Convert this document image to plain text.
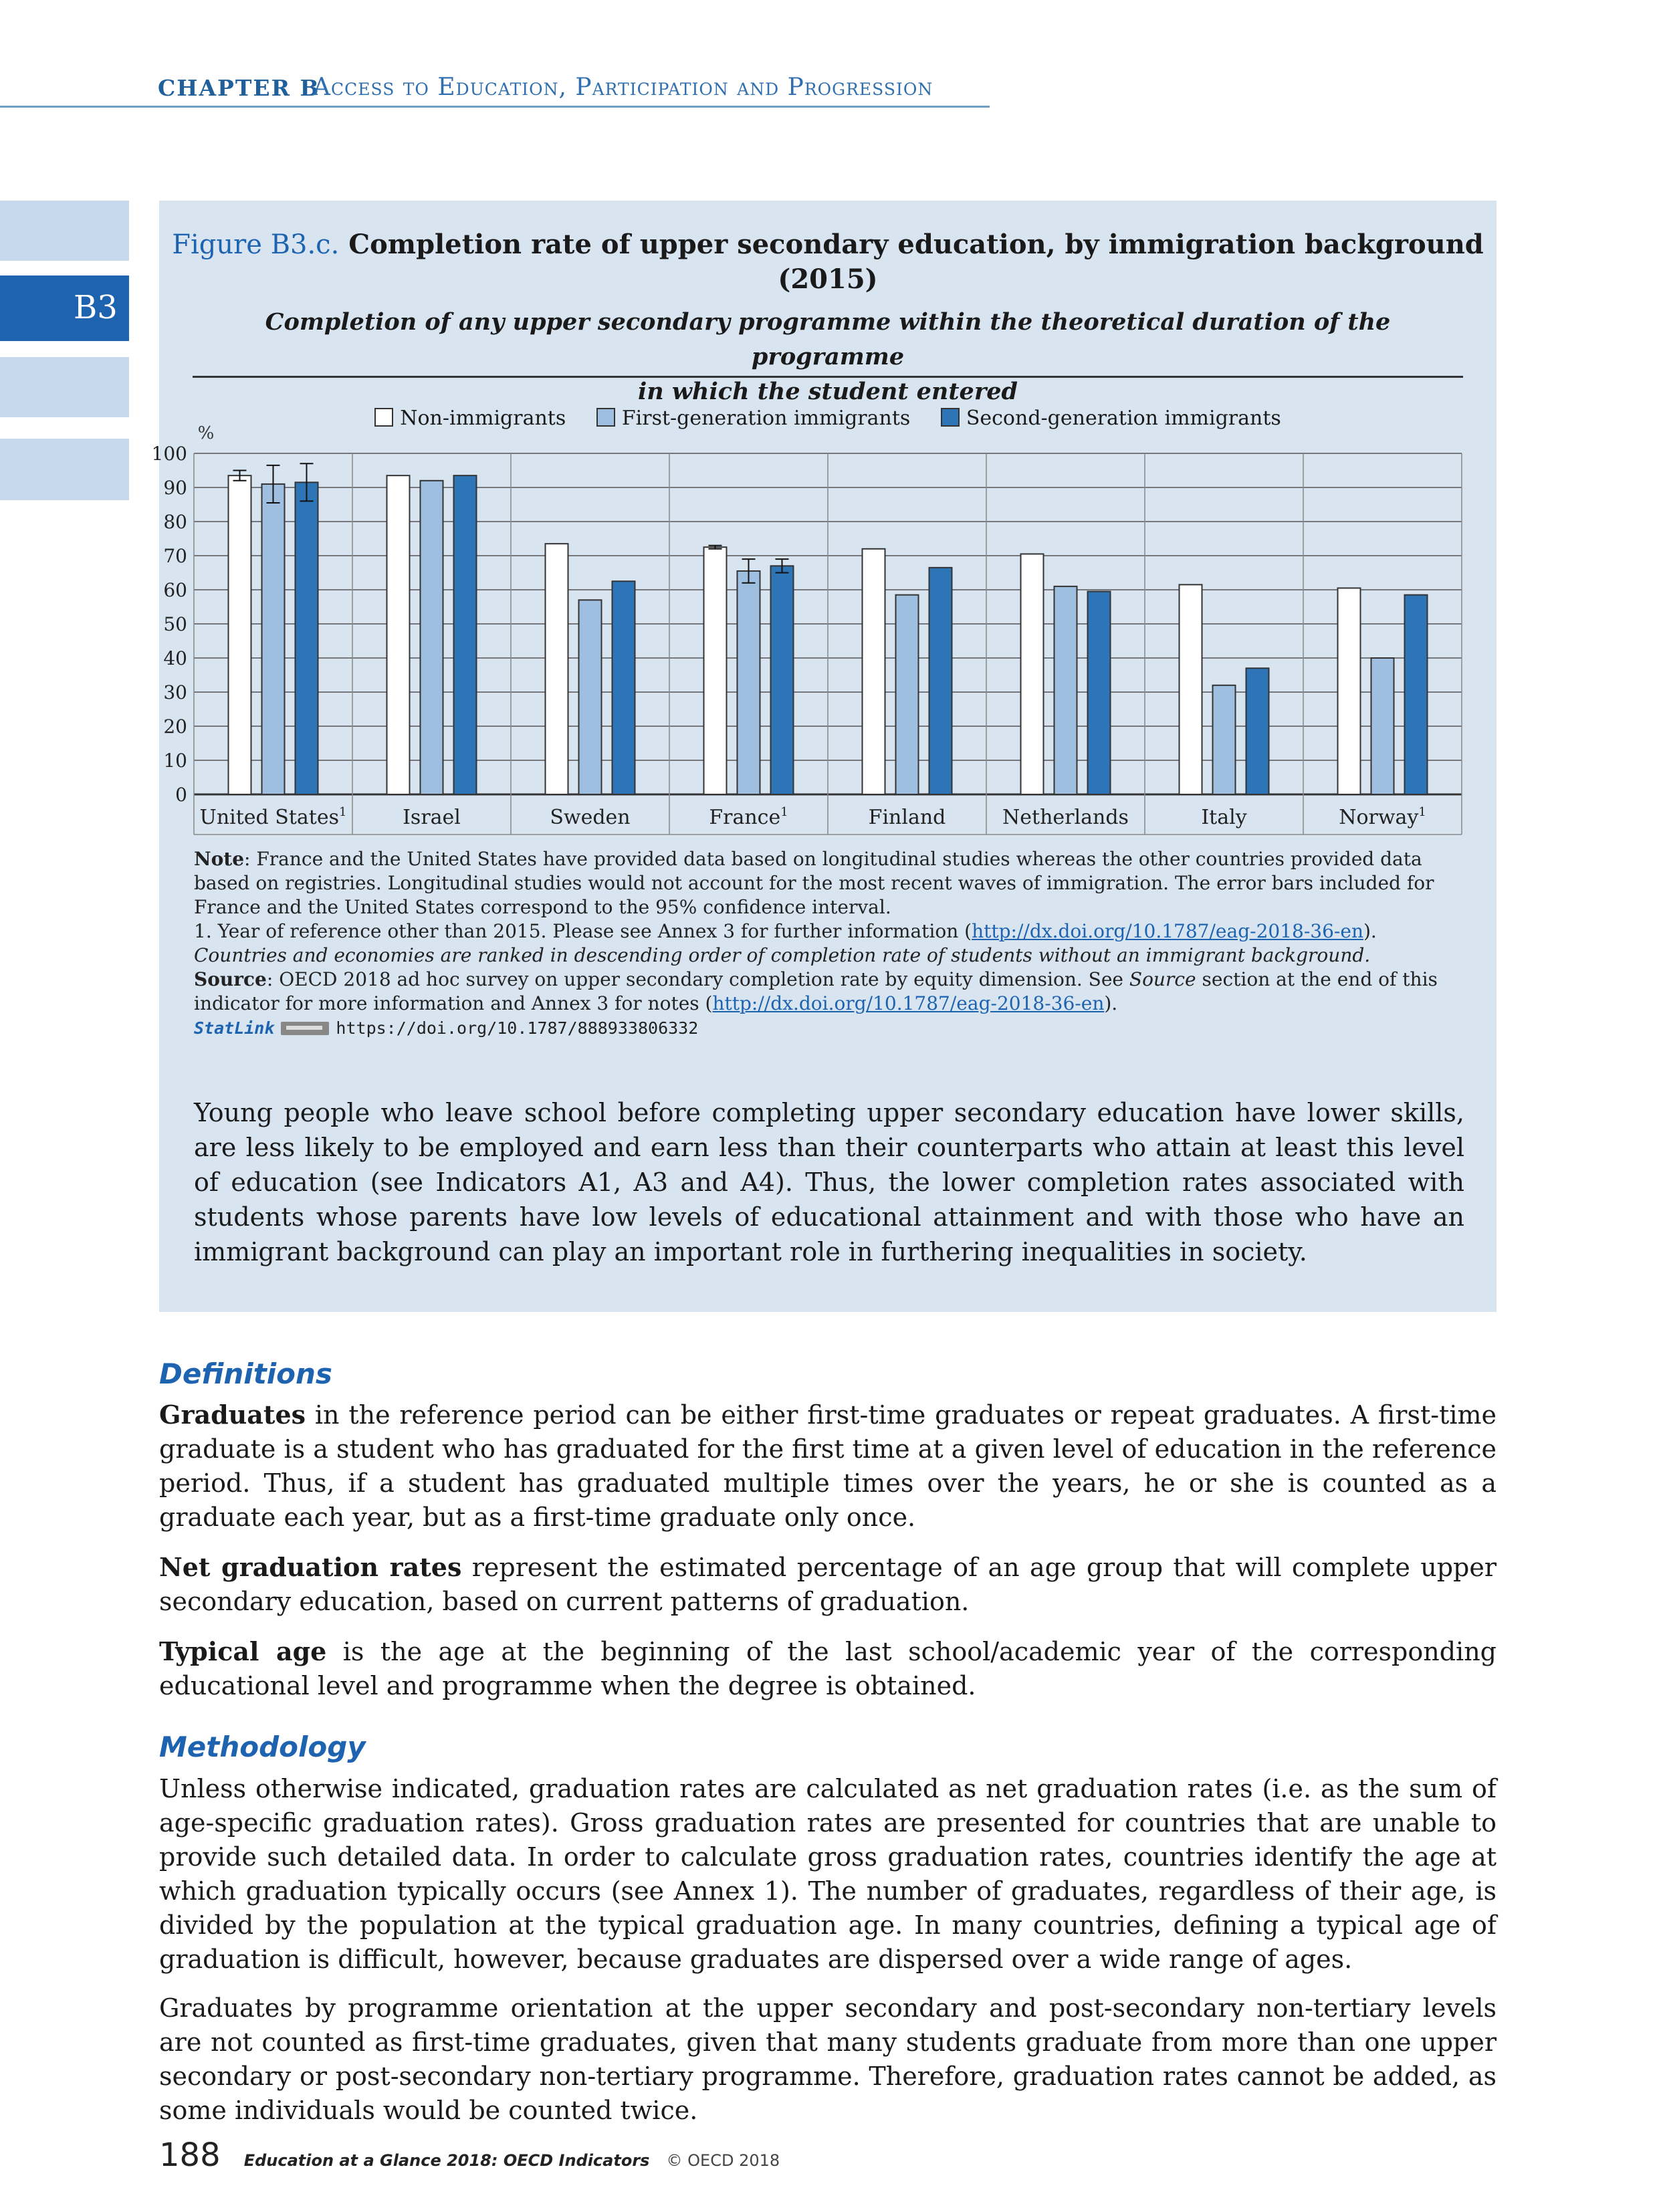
CHAPTER B
Access to Education, Participation and Progression
B3
Figure B3.c. Completion rate of upper secondary education, by immigration background
(2015)
Completion of any upper secondary programme within the theoretical duration of the programme
in which the student entered
Non-immigrants	First-generation immigrants	Second-generation immigrants
%
0
10
20
30
40
50
60
70
80
90
100
United States$^1$	Israel	Sweden	France$^1$	Finland	Netherlands	Italy	Norway$^1$

Note: France and the United States have provided data based on longitudinal studies whereas the other countries provided data based on registries. Longitudinal studies would not account for the most recent waves of immigration. The error bars included for France and the United States correspond to the 95% confidence interval.

1. Year of reference other than 2015. Please see Annex 3 for further information (http://dx.doi.org/10.1787/eag-2018-36-en).

Countries and economies are ranked in descending order of completion rate of students without an immigrant background.

Source: OECD 2018 ad hoc survey on upper secondary completion rate by equity dimension. See Source section at the end of this indicator for more information and Annex 3 for notes (http://dx.doi.org/10.1787/eag-2018-36-en).

StatLink	https://doi.org/10.1787/888933806332

Young people who leave school before completing upper secondary education have lower skills, are less likely to be employed and earn less than their counterparts who attain at least this level of education (see Indicators A1, A3 and A4). Thus, the lower completion rates associated with students whose parents have low levels of educational attainment and with those who have an immigrant background can play an important role in furthering inequalities in society.
Definitions

Graduates in the reference period can be either first-time graduates or repeat graduates. A first-time graduate is a student who has graduated for the first time at a given level of education in the reference period. Thus, if a student has graduated multiple times over the years, he or she is counted as a graduate each year, but as a first-time graduate only once.

Net graduation rates represent the estimated percentage of an age group that will complete upper secondary education, based on current patterns of graduation.

Typical age is the age at the beginning of the last school/academic year of the corresponding educational level and programme when the degree is obtained.

Methodology

Unless otherwise indicated, graduation rates are calculated as net graduation rates (i.e. as the sum of age-specific graduation rates). Gross graduation rates are presented for countries that are unable to provide such detailed data. In order to calculate gross graduation rates, countries identify the age at which graduation typically occurs (see Annex 1). The number of graduates, regardless of their age, is divided by the population at the typical graduation age. In many countries, defining a typical age of graduation is difficult, however, because graduates are dispersed over a wide range of ages.

Graduates by programme orientation at the upper secondary and post-secondary non-tertiary levels are not counted as first-time graduates, given that many students graduate from more than one upper secondary or post-secondary non-tertiary programme. Therefore, graduation rates cannot be added, as some individuals would be counted twice.

188 Education at a Glance 2018: OECD Indicators © OECD 2018
